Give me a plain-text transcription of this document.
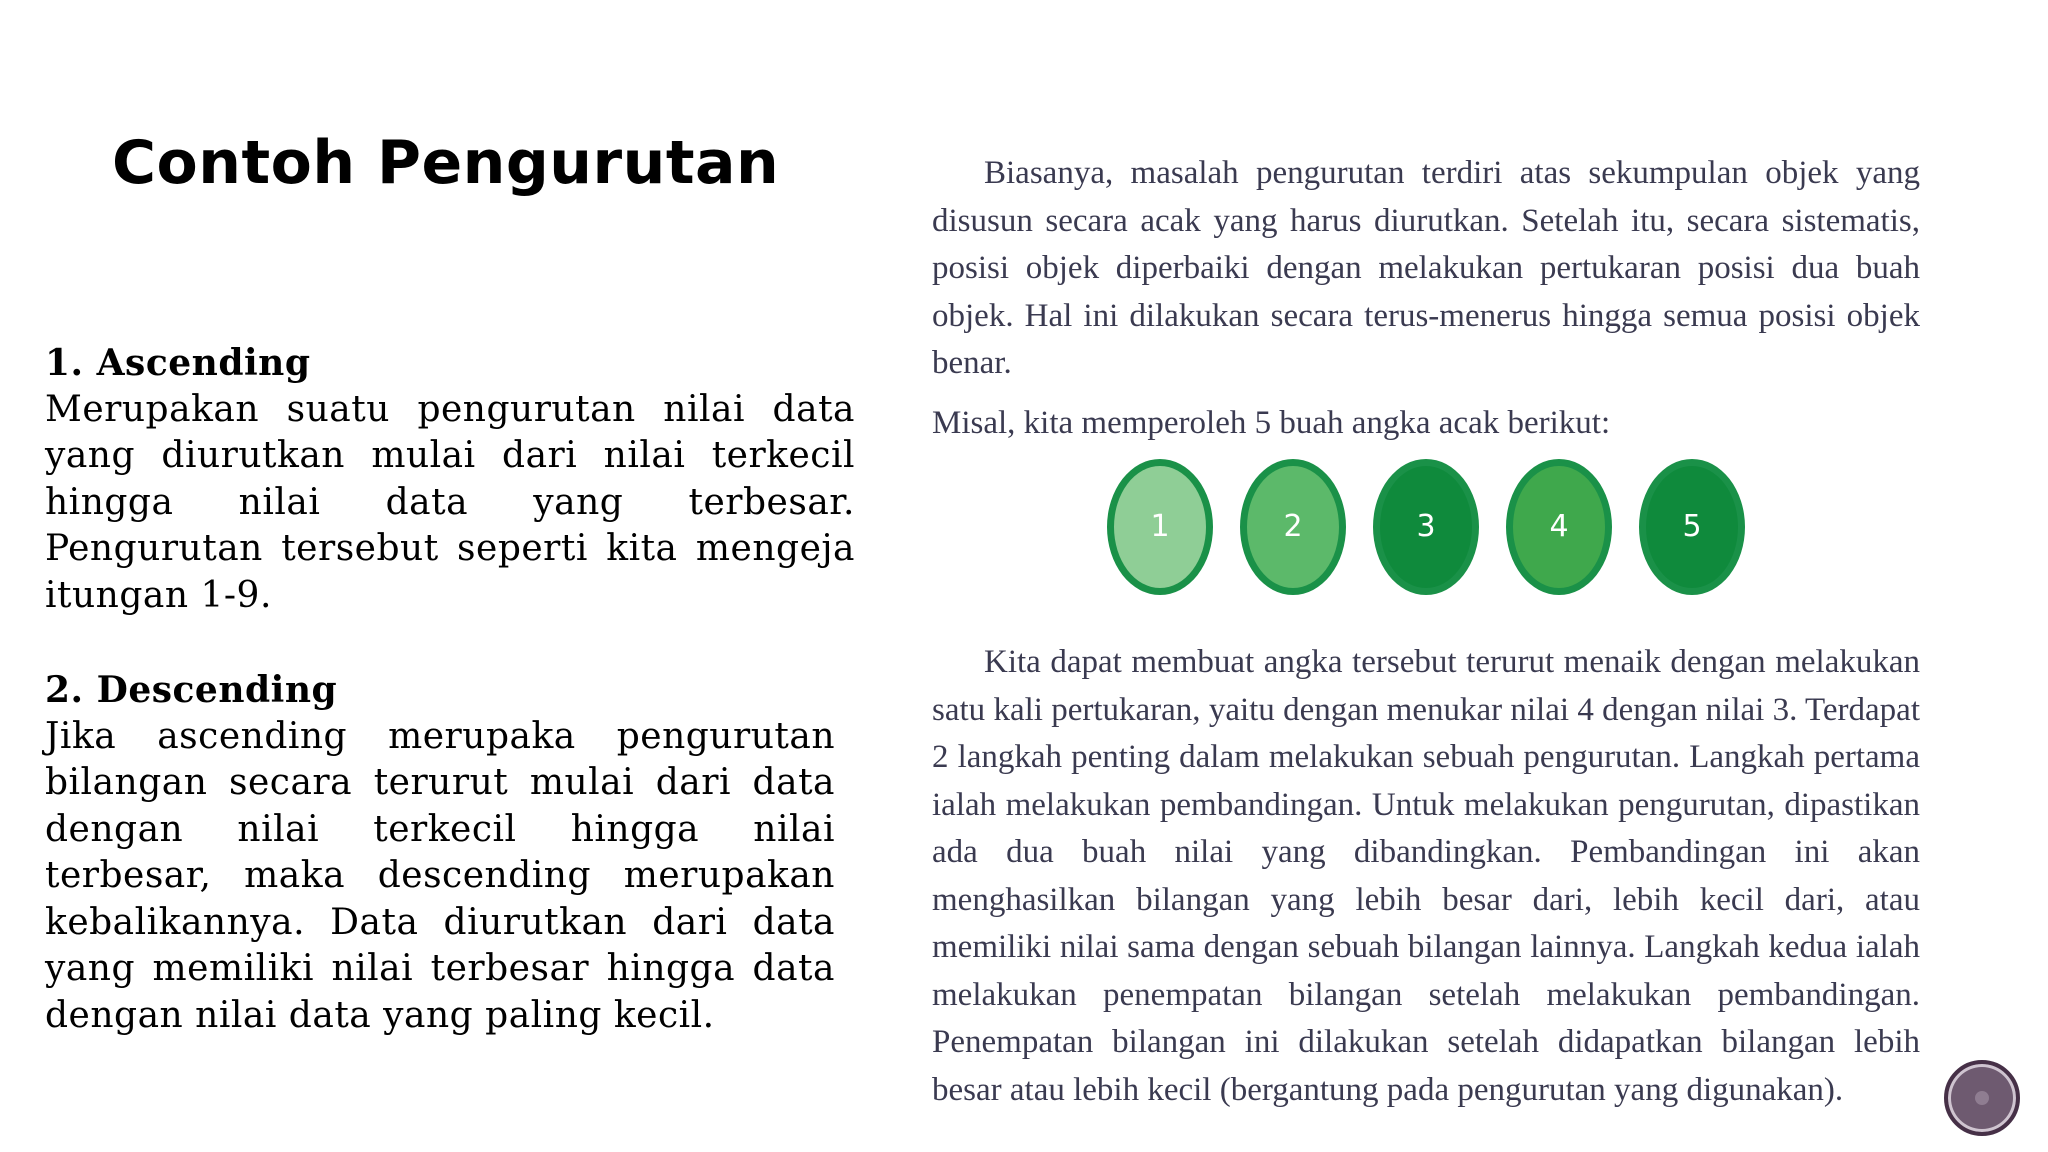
Contoh Pengurutan

1. Ascending

Merupakan suatu pengurutan nilai data yang diurutkan mulai dari nilai terkecil hingga nilai data yang terbesar. Pengurutan tersebut seperti kita mengeja itungan 1-9.

2. Descending

Jika ascending merupaka pengurutan bilangan secara terurut mulai dari data dengan nilai terkecil hingga nilai terbesar, maka descending merupakan kebalikannya. Data diurutkan dari data yang memiliki nilai terbesar hingga data dengan nilai data yang paling kecil.

Biasanya, masalah pengurutan terdiri atas sekumpulan objek yang disusun secara acak yang harus diurutkan. Setelah itu, secara sistematis, posisi objek diperbaiki dengan melakukan pertukaran posisi dua buah objek. Hal ini dilakukan secara terus-menerus hingga semua posisi objek benar.

Misal, kita memperoleh 5 buah angka acak berikut:

1	2	3	4	5

Kita dapat membuat angka tersebut terurut menaik dengan melakukan satu kali pertukaran, yaitu dengan menukar nilai 4 dengan nilai 3. Terdapat 2 langkah penting dalam melakukan sebuah pengurutan. Langkah pertama ialah melakukan pembandingan. Untuk melakukan pengurutan, dipastikan ada dua buah nilai yang dibandingkan. Pembandingan ini akan menghasilkan bilangan yang lebih besar dari, lebih kecil dari, atau memiliki nilai sama dengan sebuah bilangan lainnya. Langkah kedua ialah melakukan penempatan bilangan setelah melakukan pembandingan. Penempatan bilangan ini dilakukan setelah didapatkan bilangan lebih besar atau lebih kecil (bergantung pada pengurutan yang digunakan).
